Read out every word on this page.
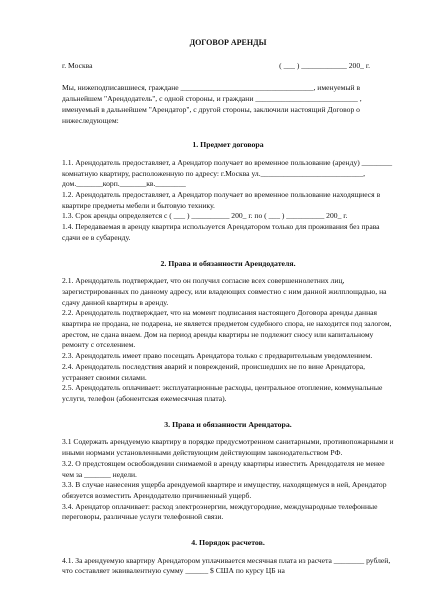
ДОГОВОР АРЕНДЫ
г. Москва	( ___ ) ____________ 200_ г.

Мы, нижеподписавшиеся, граждане ___________________________________, именуемый в дальнейшем "Арендодатель", с одной стороны, и граждани ___________________________ , именуемый в дальнейшем "Арендатор", с другой стороны, заключили настоящий Договор о нижеследующем:

1. Предмет договора

1.1. Арендодатель предоставляет, а Арендатор получает во временное пользование (аренду) ________ комнатную квартиру, расположенную по адресу: г.Москва ул.___________________________, дом._______корп._______кв.________

1.2. Арендодатель предоставляет, а Арендатор получает во временное пользование находящиеся в квартире предметы мебели и бытовую технику.

1.3. Срок аренды определяется с ( ___ ) __________ 200_ г. по ( ___ ) __________ 200_ г.

1.4. Передаваемая в аренду квартира используется Арендатором только для проживания без права сдачи ее в субаренду.

2. Права и обязанности Арендодателя.

2.1. Арендодатель подтверждает, что он получил согласие всех совершеннолетних лиц, зарегистрированных по данному адресу, или владеющих совместно с ним данной жилплощадью, на сдачу данной квартиры в аренду.

2.2. Арендодатель подтверждает, что на момент подписания настоящего Договора аренды данная квартира не продана, не подарена, не является предметом судебного спора, не находится под залогом, арестом, не сдана внаем. Дом на период аренды квартиры не подлежит сносу или капитальному ремонту с отселением.

2.3. Арендодатель имеет право посещать Арендатора только с предварительным уведомлением.

2.4. Арендодатель последствия аварий и повреждений, происшедших не по вине Арендатора, устраняет своими силами.

2.5. Арендодатель оплачивает: эксплуатационные расходы, центральное отопление, коммунальные услуги, телефон (абонентская ежемесячная плата).

3. Права и обязанности Арендатора.

3.1 Содержать арендуемую квартиру в порядке предусмотренном санитарными, противопожарными и иными нормами установленными действующим действующим законодательством РФ.

3.2. О предстоящем освобождении снимаемой в аренду квартиры известить Арендодателя не менее чем за _______ недели.

3.3. В случае нанесения ущерба арендуемой квартире и имуществу, находящемуся в ней, Арендатор обязуется возместить Арендодателю причиненный ущерб.

3.4. Арендатор оплачивает: расход электроэнергии, междугородние, международные телефонные переговоры, различные услуги телефонной связи.

4. Порядок расчетов.

4.1. За арендуемую квартиру Арендатором уплачивается месячная плата из расчета ________ рублей, что составляет эквивалентную сумму ______ $ США по курсу ЦБ на
